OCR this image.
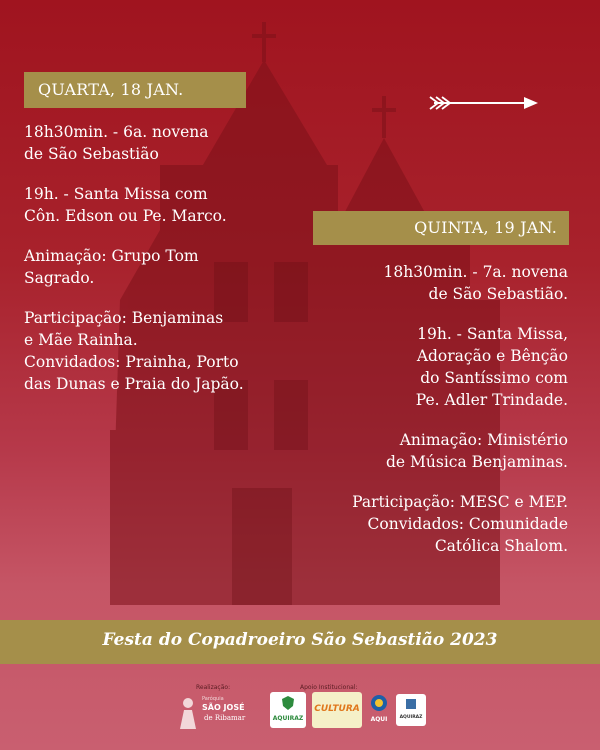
QUARTA, 18 JAN.
18h30min. - 6a. novena
de São Sebastião
19h. - Santa Missa com
Côn. Edson ou Pe. Marco.
Animação: Grupo Tom
Sagrado.
Participação: Benjaminas
e Mãe Rainha.
Convidados: Prainha, Porto
das Dunas e Praia do Japão.
QUINTA, 19 JAN.
18h30min. - 7a. novena
de São Sebastião.
19h. - Santa Missa,
Adoração e Bênção
do Santíssimo com
Pe. Adler Trindade.
Animação: Ministério
de Música Benjaminas.
Participação: MESC e MEP.
Convidados: Comunidade
Católica Shalom.
Festa do Copadroeiro São Sebastião 2023
Realização:	Apoio Institucional:
Paróquia
SÃO JOSÉ
de Ribamar	AQUIRAZ
CULTURA
AQUI	AQUIRAZ
